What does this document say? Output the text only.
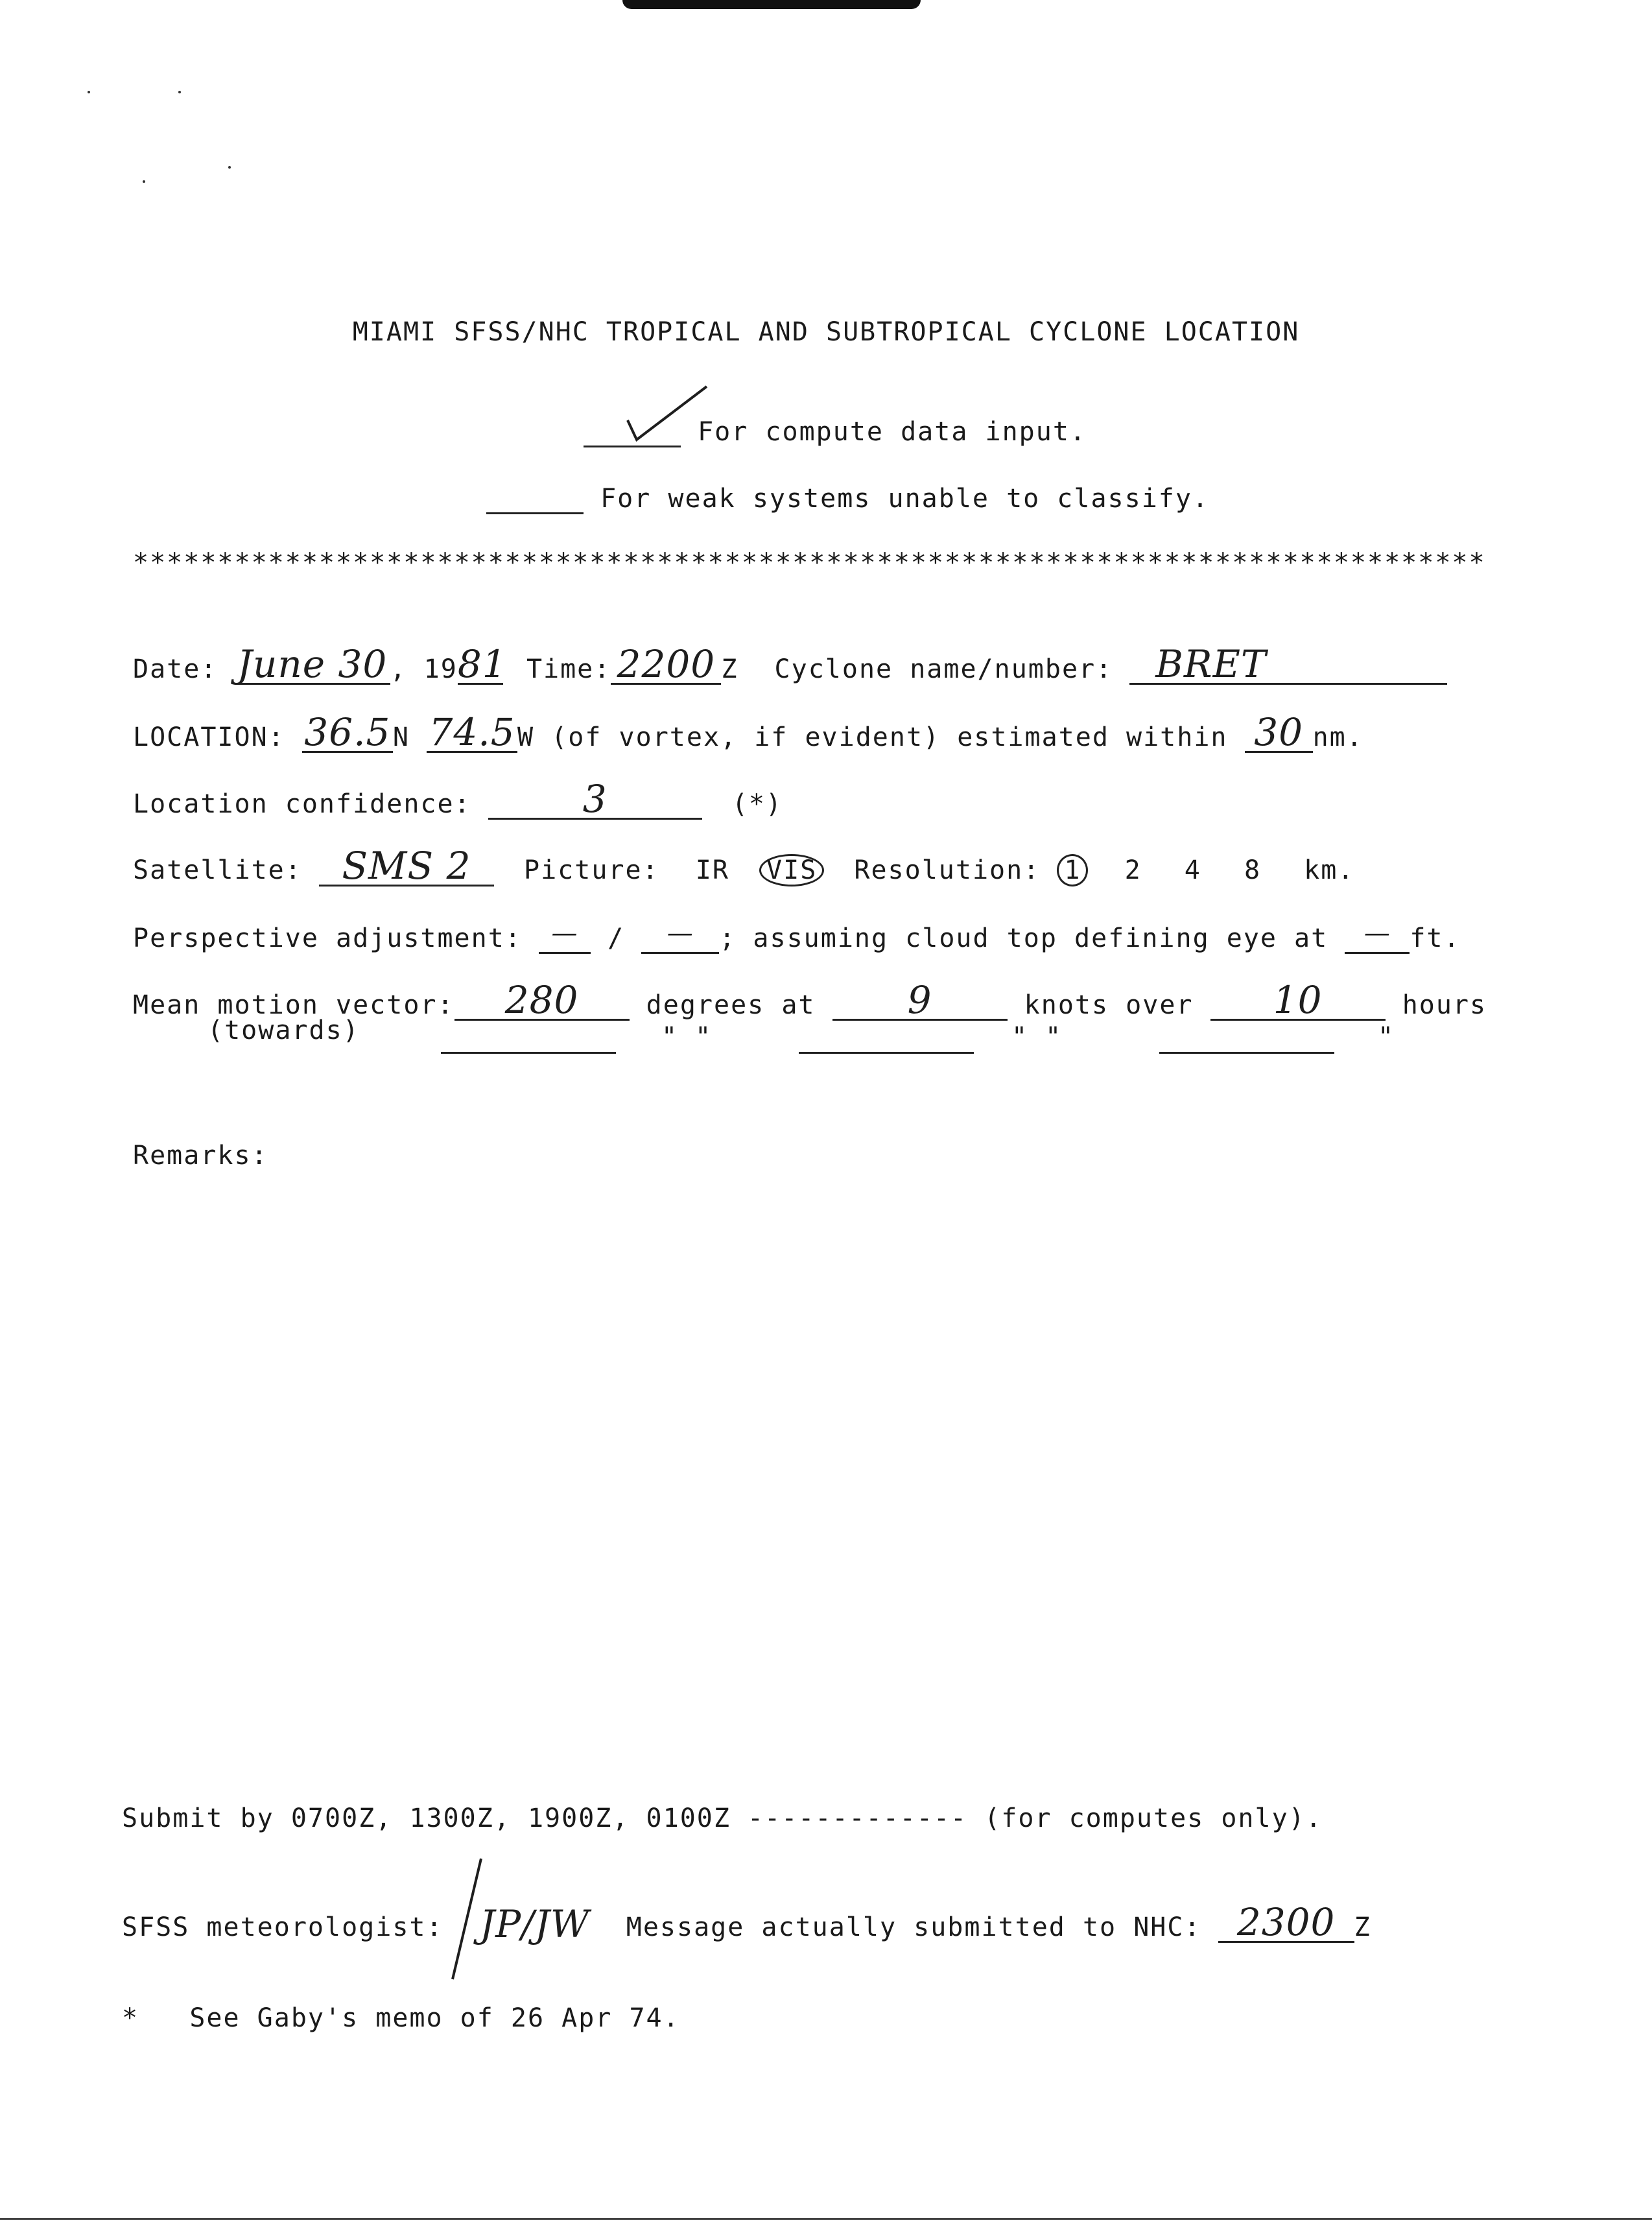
MIAMI SFSS/NHC TROPICAL AND SUBTROPICAL CYCLONE LOCATION
For compute data input.
For weak systems unable to classify.
********************************************************************************
Date: June 30 , 1981 Time: 2200 Z Cyclone name/number: BRET
LOCATION: 36.5N 74.5W (of vortex, if evident) estimated within 30 nm.
Location confidence:	3	(*)
Satellite: SMS 2 Picture: IR VIS Resolution: 1 2 4 8 km.
Perspective adjustment: — / — ; assuming cloud top defining eye at — ft.
Mean motion vector: 280	degrees at 9	knots over 10	hours
(towards)	" "	" "	"
Remarks:
Submit by 0700Z, 1300Z, 1900Z, 0100Z ------------- (for computes only).
SFSS meteorologist: JP/JW Message actually submitted to NHC: 2300 Z
*   See Gaby's memo of 26 Apr 74.
